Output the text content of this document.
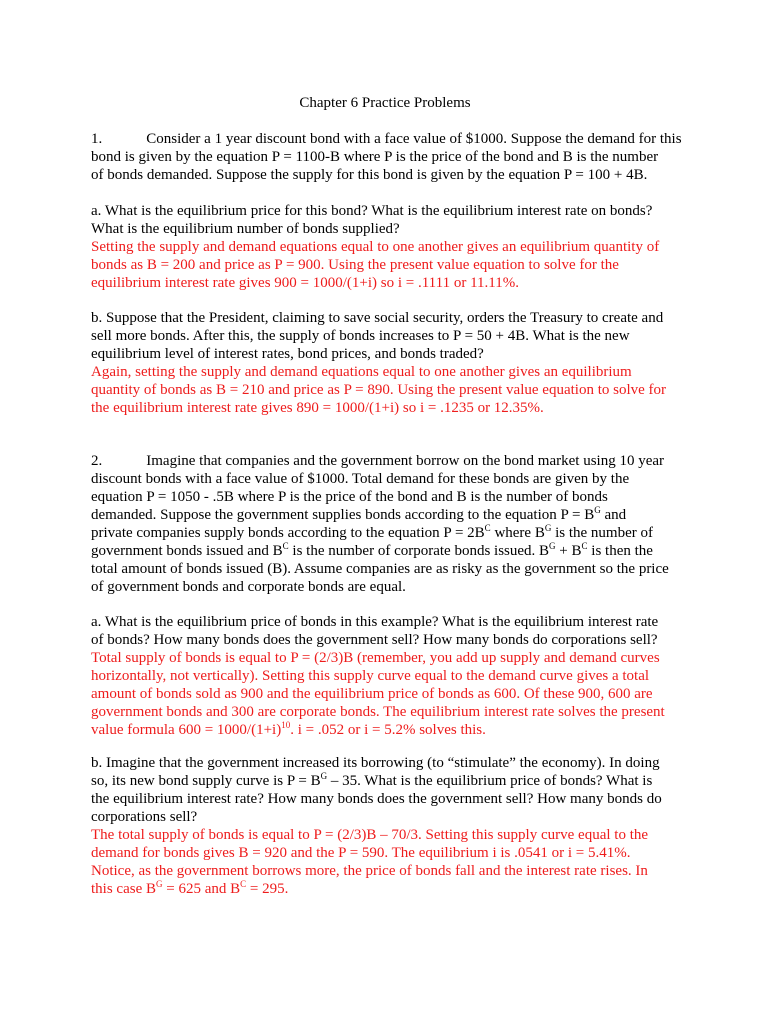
Chapter 6 Practice Problems
1.	Consider a 1 year discount bond with a face value of $1000. Suppose the demand for this
bond is given by the equation P = 1100-B where P is the price of the bond and B is the number
of bonds demanded. Suppose the supply for this bond is given by the equation P = 100 + 4B.
a. What is the equilibrium price for this bond? What is the equilibrium interest rate on bonds?
What is the equilibrium number of bonds supplied?
Setting the supply and demand equations equal to one another gives an equilibrium quantity of
bonds as B = 200 and price as P = 900. Using the present value equation to solve for the
equilibrium interest rate gives 900 = 1000/(1+i) so i = .1111 or 11.11%.
b. Suppose that the President, claiming to save social security, orders the Treasury to create and
sell more bonds. After this, the supply of bonds increases to P = 50 + 4B. What is the new
equilibrium level of interest rates, bond prices, and bonds traded?
Again, setting the supply and demand equations equal to one another gives an equilibrium
quantity of bonds as B = 210 and price as P = 890. Using the present value equation to solve for
the equilibrium interest rate gives 890 = 1000/(1+i) so i = .1235 or 12.35%.
2.	Imagine that companies and the government borrow on the bond market using 10 year
discount bonds with a face value of $1000. Total demand for these bonds are given by the
equation P = 1050 - .5B where P is the price of the bond and B is the number of bonds
demanded. Suppose the government supplies bonds according to the equation $P = B^G$ and
private companies supply bonds according to the equation $P = 2B^C$ where $B^G$ is the number of
government bonds issued and $B^C$ is the number of corporate bonds issued. $B^G + B^C$ is then the
total amount of bonds issued (B). Assume companies are as risky as the government so the price
of government bonds and corporate bonds are equal.
a. What is the equilibrium price of bonds in this example? What is the equilibrium interest rate
of bonds? How many bonds does the government sell? How many bonds do corporations sell?
Total supply of bonds is equal to P = (2/3)B (remember, you add up supply and demand curves
horizontally, not vertically). Setting this supply curve equal to the demand curve gives a total
amount of bonds sold as 900 and the equilibrium price of bonds as 600. Of these 900, 600 are
government bonds and 300 are corporate bonds. The equilibrium interest rate solves the present
value formula $600 = 1000/(1+i)^{10}$. i = .052 or i = 5.2% solves this.
b. Imagine that the government increased its borrowing (to “stimulate” the economy). In doing
so, its new bond supply curve is $P = B^G - 35$. What is the equilibrium price of bonds? What is
the equilibrium interest rate? How many bonds does the government sell? How many bonds do
corporations sell?
The total supply of bonds is equal to P = (2/3)B – 70/3. Setting this supply curve equal to the
demand for bonds gives B = 920 and the P = 590. The equilibrium i is .0541 or i = 5.41%.
Notice, as the government borrows more, the price of bonds fall and the interest rate rises. In
this case $B^G = 625$ and $B^C = 295$.
